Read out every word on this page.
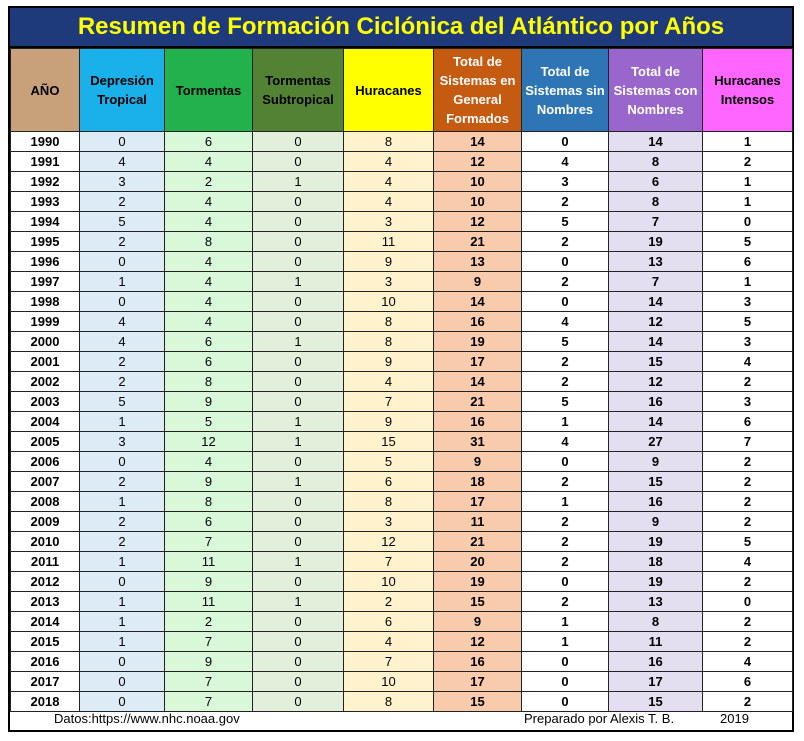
Resumen de Formación Ciclónica del Atlántico por Años
AÑO	Depresión Tropical	Tormentas	Tormentas Subtropical	Huracanes	Total de Sistemas en General Formados	Total de Sistemas sin Nombres	Total de Sistemas con Nombres	Huracanes Intensos
1990	0	6	0	8	14	0	14	1
1991	4	4	0	4	12	4	8	2
1992	3	2	1	4	10	3	6	1
1993	2	4	0	4	10	2	8	1
1994	5	4	0	3	12	5	7	0
1995	2	8	0	11	21	2	19	5
1996	0	4	0	9	13	0	13	6
1997	1	4	1	3	9	2	7	1
1998	0	4	0	10	14	0	14	3
1999	4	4	0	8	16	4	12	5
2000	4	6	1	8	19	5	14	3
2001	2	6	0	9	17	2	15	4
2002	2	8	0	4	14	2	12	2
2003	5	9	0	7	21	5	16	3
2004	1	5	1	9	16	1	14	6
2005	3	12	1	15	31	4	27	7
2006	0	4	0	5	9	0	9	2
2007	2	9	1	6	18	2	15	2
2008	1	8	0	8	17	1	16	2
2009	2	6	0	3	11	2	9	2
2010	2	7	0	12	21	2	19	5
2011	1	11	1	7	20	2	18	4
2012	0	9	0	10	19	0	19	2
2013	1	11	1	2	15	2	13	0
2014	1	2	0	6	9	1	8	2
2015	1	7	0	4	12	1	11	2
2016	0	9	0	7	16	0	16	4
2017	0	7	0	10	17	0	17	6
2018	0	7	0	8	15	0	15	2
Datos:https://www.nhc.noaa.gov	Preparado por Alexis T. B.	2019
